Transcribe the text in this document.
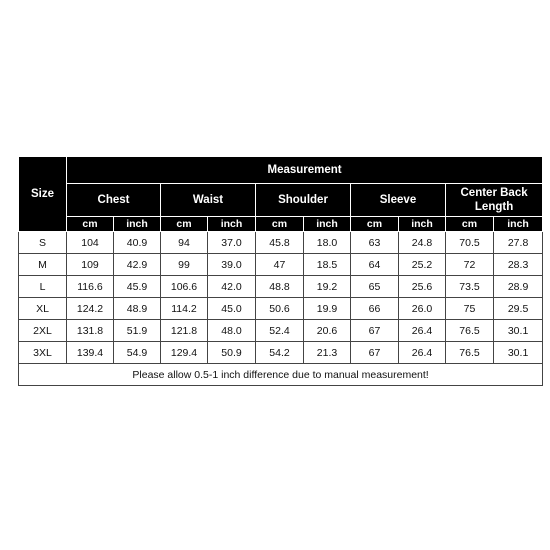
Size	Measurement									
	Chest		Waist		Shoulder		Sleeve		Center Back Length	
	cm	inch	cm	inch	cm	inch	cm	inch	cm	inch
S	104	40.9	94	37.0	45.8	18.0	63	24.8	70.5	27.8
M	109	42.9	99	39.0	47	18.5	64	25.2	72	28.3
L	116.6	45.9	106.6	42.0	48.8	19.2	65	25.6	73.5	28.9
XL	124.2	48.9	114.2	45.0	50.6	19.9	66	26.0	75	29.5
2XL	131.8	51.9	121.8	48.0	52.4	20.6	67	26.4	76.5	30.1
3XL	139.4	54.9	129.4	50.9	54.2	21.3	67	26.4	76.5	30.1
Please allow 0.5-1 inch difference due to manual measurement!										
